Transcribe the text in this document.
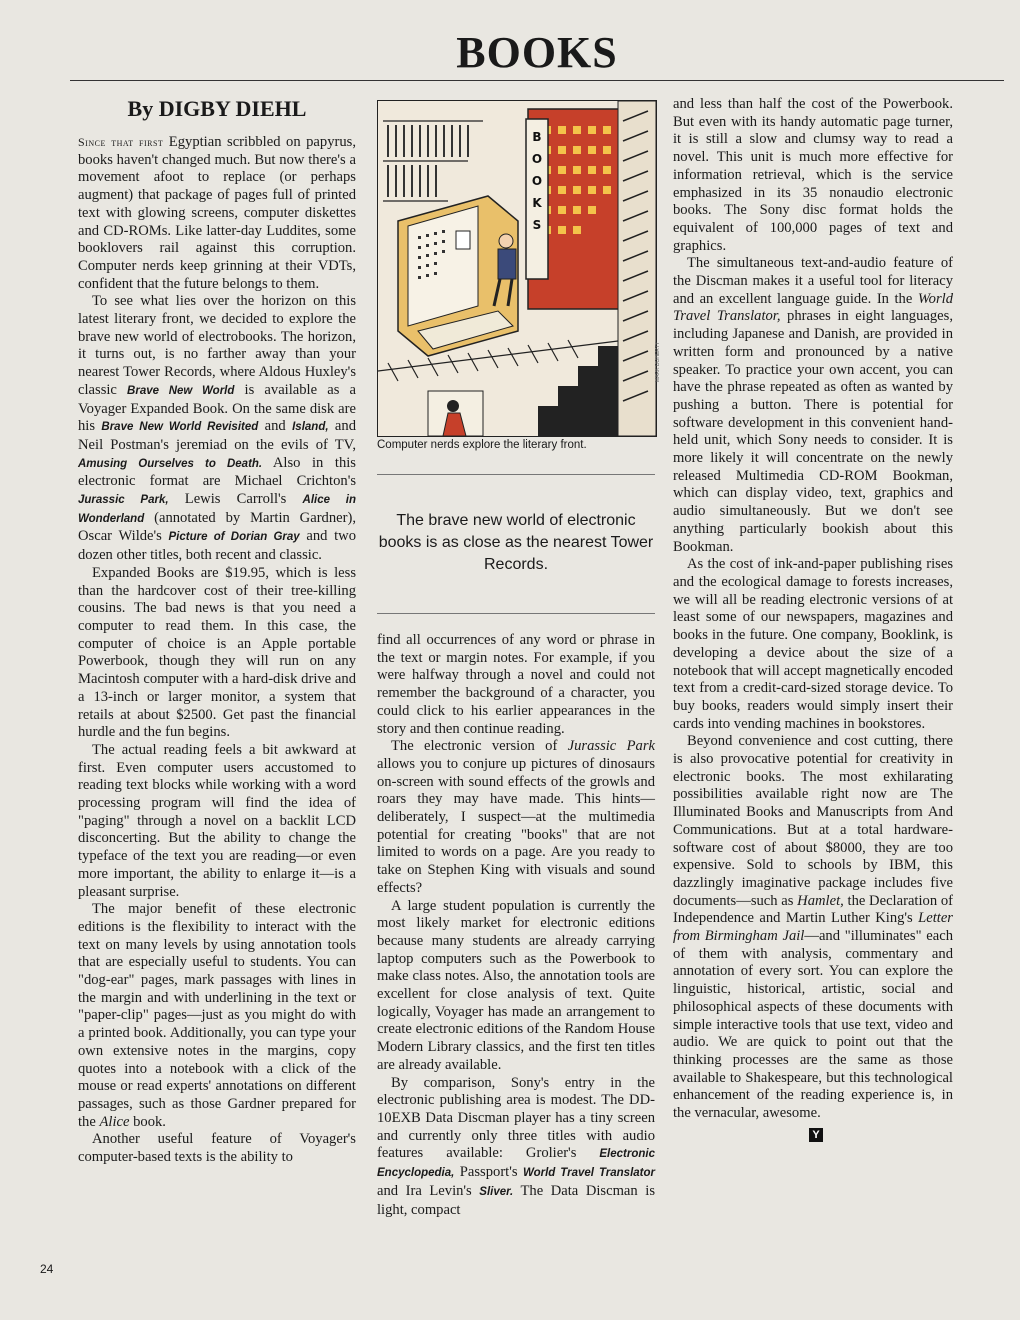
BOOKS
By DIGBY DIEHL

Since that first Egyptian scribbled on papyrus, books haven't changed much. But now there's a movement afoot to replace (or perhaps augment) that package of pages full of printed text with glowing screens, computer diskettes and CD-ROMs. Like latter-day Luddites, some booklovers rail against this corruption. Computer nerds keep grinning at their VDTs, confident that the future belongs to them.

To see what lies over the horizon on this latest literary front, we decided to explore the brave new world of electrobooks. The horizon, it turns out, is no farther away than your nearest Tower Records, where Aldous Huxley's classic Brave New World is available as a Voyager Expanded Book. On the same disk are his Brave New World Revisited and Island, and Neil Postman's jeremiad on the evils of TV, Amusing Ourselves to Death. Also in this electronic format are Michael Crichton's Jurassic Park, Lewis Carroll's Alice in Wonderland (annotated by Martin Gardner), Oscar Wilde's Picture of Dorian Gray and two dozen other titles, both recent and classic.

Expanded Books are $19.95, which is less than the hardcover cost of their tree-killing cousins. The bad news is that you need a computer to read them. In this case, the computer of choice is an Apple portable Powerbook, though they will run on any Macintosh computer with a hard-disk drive and a 13-inch or larger monitor, a system that retails at about $2500. Get past the financial hurdle and the fun begins.

The actual reading feels a bit awkward at first. Even computer users accustomed to reading text blocks while working with a word processing program will find the idea of "paging" through a novel on a backlit LCD disconcerting. But the ability to change the typeface of the text you are reading—or even more important, the ability to enlarge it—is a pleasant surprise.

The major benefit of these electronic editions is the flexibility to interact with the text on many levels by using annotation tools that are especially useful to students. You can "dog-ear" pages, mark passages with lines in the margin and with underlining in the text or "paper-clip" pages—just as you might do with a printed book. Additionally, you can type your own extensive notes in the margins, copy quotes into a notebook with a click of the mouse or read experts' annotations on different passages, such as those Gardner prepared for the Alice book.

Another useful feature of Voyager's computer-based texts is the ability to

B
O
O
K
S
MARK DOHERTY
Computer nerds explore the literary front.
The brave new world of electronic books is as close as the nearest Tower Records.

find all occurrences of any word or phrase in the text or margin notes. For example, if you were halfway through a novel and could not remember the background of a character, you could click to his earlier appearances in the story and then continue reading.

The electronic version of Jurassic Park allows you to conjure up pictures of dinosaurs on-screen with sound effects of the growls and roars they may have made. This hints—deliberately, I suspect—at the multimedia potential for creating "books" that are not limited to words on a page. Are you ready to take on Stephen King with visuals and sound effects?

A large student population is currently the most likely market for electronic editions because many students are already carrying laptop computers such as the Powerbook to make class notes. Also, the annotation tools are excellent for close analysis of text. Quite logically, Voyager has made an arrangement to create electronic editions of the Random House Modern Library classics, and the first ten titles are already available.

By comparison, Sony's entry in the electronic publishing area is modest. The DD-10EXB Data Discman player has a tiny screen and currently only three titles with audio features available: Grolier's Electronic Encyclopedia, Passport's World Travel Translator and Ira Levin's Sliver. The Data Discman is light, compact

and less than half the cost of the Powerbook. But even with its handy automatic page turner, it is still a slow and clumsy way to read a novel. This unit is much more effective for information retrieval, which is the service emphasized in its 35 nonaudio electronic books. The Sony disc format holds the equivalent of 100,000 pages of text and graphics.

The simultaneous text-and-audio feature of the Discman makes it a useful tool for literacy and an excellent language guide. In the World Travel Translator, phrases in eight languages, including Japanese and Danish, are provided in written form and pronounced by a native speaker. To practice your own accent, you can have the phrase repeated as often as wanted by pushing a button. There is potential for software development in this convenient hand-held unit, which Sony needs to consider. It is more likely it will concentrate on the newly released Multimedia CD-ROM Bookman, which can display video, text, graphics and audio simultaneously. But we don't see anything particularly bookish about this Bookman.

As the cost of ink-and-paper publishing rises and the ecological damage to forests increases, we will all be reading electronic versions of at least some of our newspapers, magazines and books in the future. One company, Booklink, is developing a device about the size of a notebook that will accept magnetically encoded text from a credit-card-sized storage device. To buy books, readers would simply insert their cards into vending machines in bookstores.

Beyond convenience and cost cutting, there is also provocative potential for creativity in electronic books. The most exhilarating possibilities available right now are The Illuminated Books and Manuscripts from And Communications. But at a total hardware-software cost of about $8000, they are too expensive. Sold to schools by IBM, this dazzlingly imaginative package includes five documents—such as Hamlet, the Declaration of Independence and Martin Luther King's Letter from Birmingham Jail—and "illuminates" each of them with analysis, commentary and annotation of every sort. You can explore the linguistic, historical, artistic, social and philosophical aspects of these documents with simple interactive tools that use text, video and audio. We are quick to point out that the thinking processes are the same as those available to Shakespeare, but this technological enhancement of the reading experience is, in the vernacular, awesome.

Y
24
